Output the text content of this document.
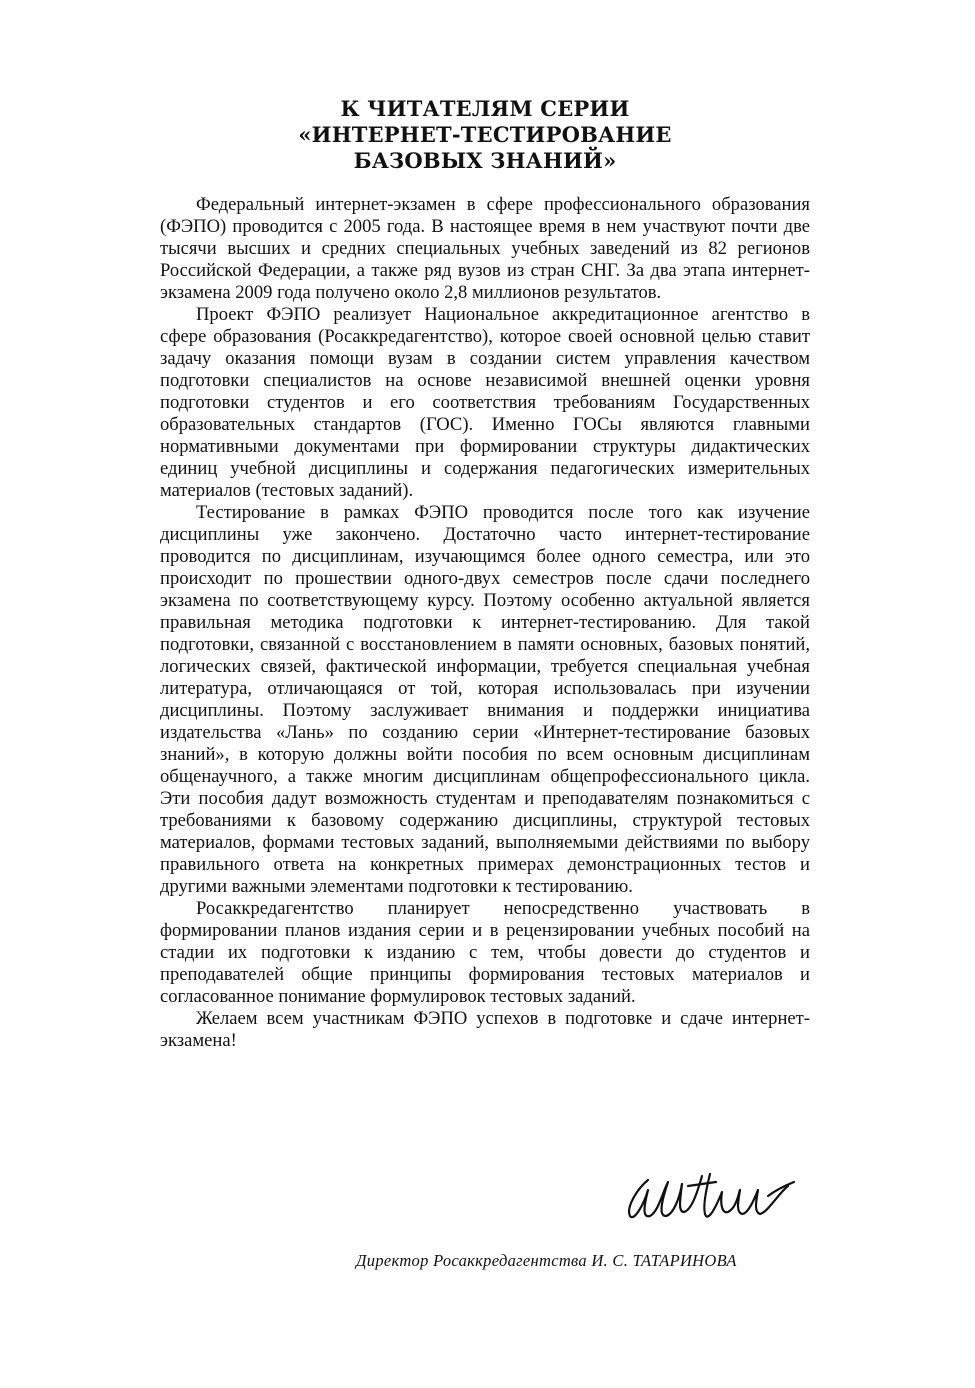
К ЧИТАТЕЛЯМ СЕРИИ
«ИНТЕРНЕТ-ТЕСТИРОВАНИЕ
БАЗОВЫХ ЗНАНИЙ»

Федеральный интернет-экзамен в сфере профессионального образования (ФЭПО) проводится с 2005 года. В настоящее время в нем участвуют почти две тысячи высших и средних специальных учебных заведений из 82 регионов Российской Федерации, а также ряд вузов из стран СНГ. За два этапа интернет-экзамена 2009 года получено около 2,8 миллионов результатов.

Проект ФЭПО реализует Национальное аккредитационное агентство в сфере образования (Росаккредагентство), которое своей основной целью ставит задачу оказания помощи вузам в создании систем управления качеством подготовки специалистов на основе независимой внешней оценки уровня подготовки студентов и его соответствия требованиям Государственных образовательных стандартов (ГОС). Именно ГОСы являются главными нормативными документами при формировании структуры дидактических единиц учебной дисциплины и содержания педагогических измерительных материалов (тестовых заданий).

Тестирование в рамках ФЭПО проводится после того как изучение дисциплины уже закончено. Достаточно часто интернет-тестирование проводится по дисциплинам, изучающимся более одного семестра, или это происходит по прошествии одного-двух семестров после сдачи последнего экзамена по соответствующему курсу. Поэтому особенно актуальной является правильная методика подготовки к интернет-тестированию. Для такой подготовки, связанной с восстановлением в памяти основных, базовых понятий, логических связей, фактической информации, требуется специальная учебная литература, отличающаяся от той, которая использовалась при изучении дисциплины. Поэтому заслуживает внимания и поддержки инициатива издательства «Лань» по созданию серии «Интернет-тестирование базовых знаний», в которую должны войти пособия по всем основным дисциплинам общенаучного, а также многим дисциплинам общепрофессионального цикла. Эти пособия дадут возможность студентам и преподавателям познакомиться с требованиями к базовому содержанию дисциплины, структурой тестовых материалов, формами тестовых заданий, выполняемыми действиями по выбору правильного ответа на конкретных примерах демонстрационных тестов и другими важными элементами подготовки к тестированию.

Росаккредагентство планирует непосредственно участвовать в формировании планов издания серии и в рецензировании учебных пособий на стадии их подготовки к изданию с тем, чтобы довести до студентов и преподавателей общие принципы формирования тестовых материалов и согласованное понимание формулировок тестовых заданий.

Желаем всем участникам ФЭПО успехов в подготовке и сдаче интернет-экзамена!

Директор Росаккредагентства И. С. ТАТАРИНОВА
